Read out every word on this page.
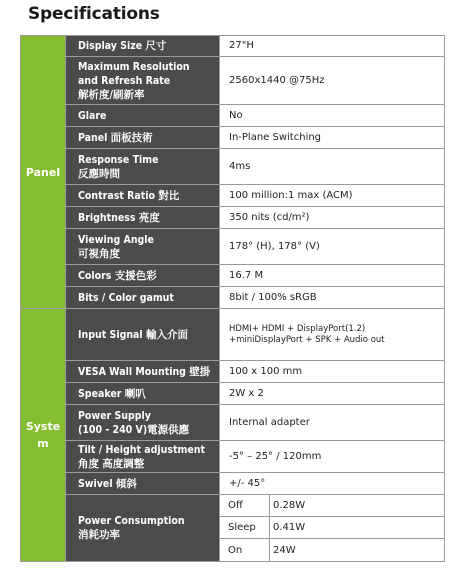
Specifications
Panel	Display Size 尺寸	27"H	

	Maximum Resolution
and Refresh Rate
解析度/刷新率	2560x1440 @75Hz	

	Glare	No	

	Panel 面板技術	In-Plane Switching	

	Response Time
反應時間	4ms	

	Contrast Ratio 對比	100 million:1 max (ACM)	

	Brightness 亮度	350 nits (cd/m²)	

	Viewing Angle
可視角度	178° (H), 178° (V)	

	Colors 支援色彩	16.7 M	

	Bits / Color gamut	8bit / 100% sRGB	
System	Input Signal 輸入介面	HDMI+ HDMI + DisplayPort(1.2)
+miniDisplayPort + SPK + Audio out	

	VESA Wall Mounting 壁掛	100 x 100 mm	

	Speaker 喇叭	2W x 2	

	Power Supply
(100 - 240 V)電源供應	Internal adapter	

	Tilt / Height adjustment
角度 高度調整	-5° – 25° / 120mm	

	Swivel 傾斜	+/- 45°	

	Power Consumption
消耗功率	Off	0.28W
		Sleep	0.41W
		On	24W
